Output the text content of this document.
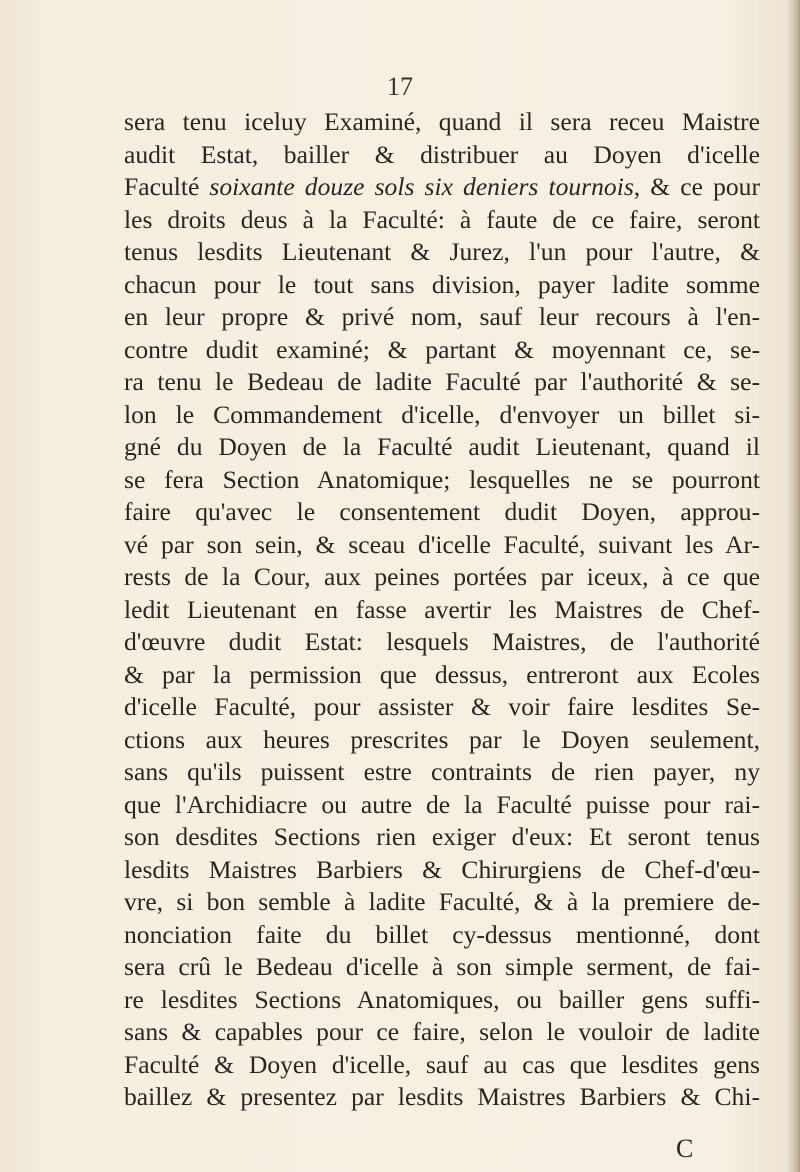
17
sera tenu iceluy Examiné, quand il sera receu Maistre
audit Estat, bailler & distribuer au Doyen d'icelle
Faculté soixante douze sols six deniers tournois, & ce pour
les droits deus à la Faculté: à faute de ce faire, seront
tenus lesdits Lieutenant & Jurez, l'un pour l'autre, &
chacun pour le tout sans division, payer ladite somme
en leur propre & privé nom, sauf leur recours à l'en-
contre dudit examiné; & partant & moyennant ce, se-
ra tenu le Bedeau de ladite Faculté par l'authorité & se-
lon le Commandement d'icelle, d'envoyer un billet si-
gné du Doyen de la Faculté audit Lieutenant, quand il
se fera Section Anatomique; lesquelles ne se pourront
faire qu'avec le consentement dudit Doyen, approu-
vé par son sein, & sceau d'icelle Faculté, suivant les Ar-
rests de la Cour, aux peines portées par iceux, à ce que
ledit Lieutenant en fasse avertir les Maistres de Chef-
d'œuvre dudit Estat: lesquels Maistres, de l'authorité
& par la permission que dessus, entreront aux Ecoles
d'icelle Faculté, pour assister & voir faire lesdites Se-
ctions aux heures prescrites par le Doyen seulement,
sans qu'ils puissent estre contraints de rien payer, ny
que l'Archidiacre ou autre de la Faculté puisse pour rai-
son desdites Sections rien exiger d'eux: Et seront tenus
lesdits Maistres Barbiers & Chirurgiens de Chef-d'œu-
vre, si bon semble à ladite Faculté, & à la premiere de-
nonciation faite du billet cy-dessus mentionné, dont
sera crû le Bedeau d'icelle à son simple serment, de fai-
re lesdites Sections Anatomiques, ou bailler gens suffi-
sans & capables pour ce faire, selon le vouloir de ladite
Faculté & Doyen d'icelle, sauf au cas que lesdites gens
baillez & presentez par lesdits Maistres Barbiers & Chi-
C
